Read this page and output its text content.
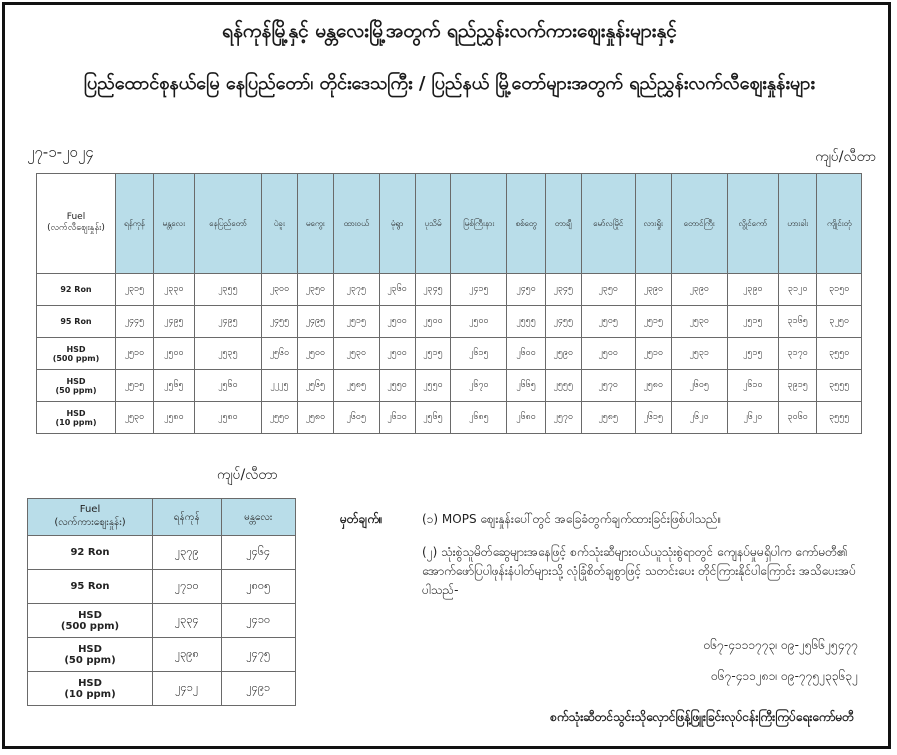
ရန်ကုန်မြို့နှင့် မန္တလေးမြို့အတွက် ရည်ညွှန်းလက်ကားဈေးနှုန်းများနှင့်
ပြည်ထောင်စုနယ်မြေ နေပြည်တော်၊ တိုင်းဒေသကြီး / ပြည်နယ် မြို့တော်များအတွက် ရည်ညွှန်းလက်လီဈေးနှုန်းများ
၂၇-၁-၂၀၂၄	ကျပ်/လီတာ
Fuel
(လက်လီဈေးနှုန်း)	ရန်ကုန်	မန္တလေး	နေပြည်တော်	ပဲခူး	မကွေး	ထားဝယ်	မုံရွာ	ပုသိမ်	မြစ်ကြီးနား	စစ်တွေ	တာချီ	မော်လမြိုင်	လားရှိုး	တောင်ကြီး	လွိုင်ကော်	ဟားခါး	ကျိုင်းတုံ
92 Ron	၂၃၁၅	၂၃၃၀	၂၃၅၅	၂၃၀၀	၂၃၅၀	၂၃၇၅	၂၃၆၀	၂၃၄၅	၂၄၁၅	၂၄၅၀	၂၃၄၅	၂၃၅၀	၂၃၉၀	၂၃၉၀	၂၃၉၀	၃၁၂၀	၃၁၅၀
95 Ron	၂၄၄၅	၂၄၉၅	၂၄၉၅	၂၄၅၅	၂၄၉၅	၂၅၁၅	၂၅၀၀	၂၅၀၀	၂၅၀၀	၂၅၅၅	၂၄၅၅	၂၅၀၅	၂၅၁၅	၂၅၃၀	၂၅၁၅	၃၁၆၅	၃၂၅၀
HSD
(500 ppm)	၂၅၁၀	၂၅၀၀	၂၅၃၅	၂၅၆၀	၂၅၀၀	၂၅၃၀	၂၅၀၀	၂၅၁၅	၂၆၁၅	၂၆၀၀	၂၅၉၀	၂၅၀၀	၂၅၁၀	၂၅၃၁	၂၅၁၅	၃၁၇၀	၃၅၅၀
HSD
(50 ppm)	၂၅၁၅	၂၅၆၅	၂၅၆၀	၂၂၂၅	၂၅၆၅	၂၅၈၅	၂၅၅၀	၂၅၅၀	၂၆၇၀	၂၆၆၅	၂၅၅၅	၂၅၇၀	၂၅၈၀	၂၆၀၅	၂၆၁၀	၃၉၁၅	၃၅၅၅
HSD
(10 ppm)	၂၅၃၀	၂၅၈၀	၂၅၈၀	၂၅၅၀	၂၅၈၀	၂၆၀၅	၂၆၁၀	၂၅၆၅	၂၆၈၅	၂၆၈၀	၂၅၇၀	၂၅၈၅	၂၆၁၅	၂၆၂၀	၂၆၂၀	၃၀၆၀	၃၅၅၅
ကျပ်/လီတာ
Fuel
(လက်ကားဈေးနှုန်း)	ရန်ကုန်	မန္တလေး
92 Ron	၂၃၇၉	၂၄၆၄
95 Ron	၂၇၁၀	၂၈၀၅
HSD
(500 ppm)	၂၃၃၄	၂၄၁၀
HSD
(50 ppm)	၂၃၉၈	၂၄၇၅
HSD
(10 ppm)	၂၄၁၂	၂၄၉၁
မှတ်ချက်။	(၁) MOPS ဈေးနှုန်းပေါ်တွင် အခြေခံတွက်ချက်ထားခြင်းဖြစ်ပါသည်။
(၂) သုံးစွဲသူမိတ်ဆွေများအနေဖြင့် စက်သုံးဆီများဝယ်ယူသုံးစွဲရာတွင် ကျေနပ်မှုမရှိပါက ကော်မတီ၏ အောက်ဖော်ပြပါဖုန်းနံပါတ်များသို့ လုံခြုံစိတ်ချစွာဖြင့် သတင်းပေး တိုင်ကြားနိုင်ပါကြောင်း အသိပေးအပ်ပါသည်-
၀၆၇-၄၁၁၁၇၇၃၊ ၀၉-၂၅၆၆၂၅၄၇၇
၀၆၇-၄၁၁၂၈၁၊ ၀၉-၇၇၅၂၃၃၆၃၂
စက်သုံးဆီတင်သွင်းသိုလှောင်ဖြန့်ဖြူးခြင်းလုပ်ငန်းကြီးကြပ်ရေးကော်မတီ
